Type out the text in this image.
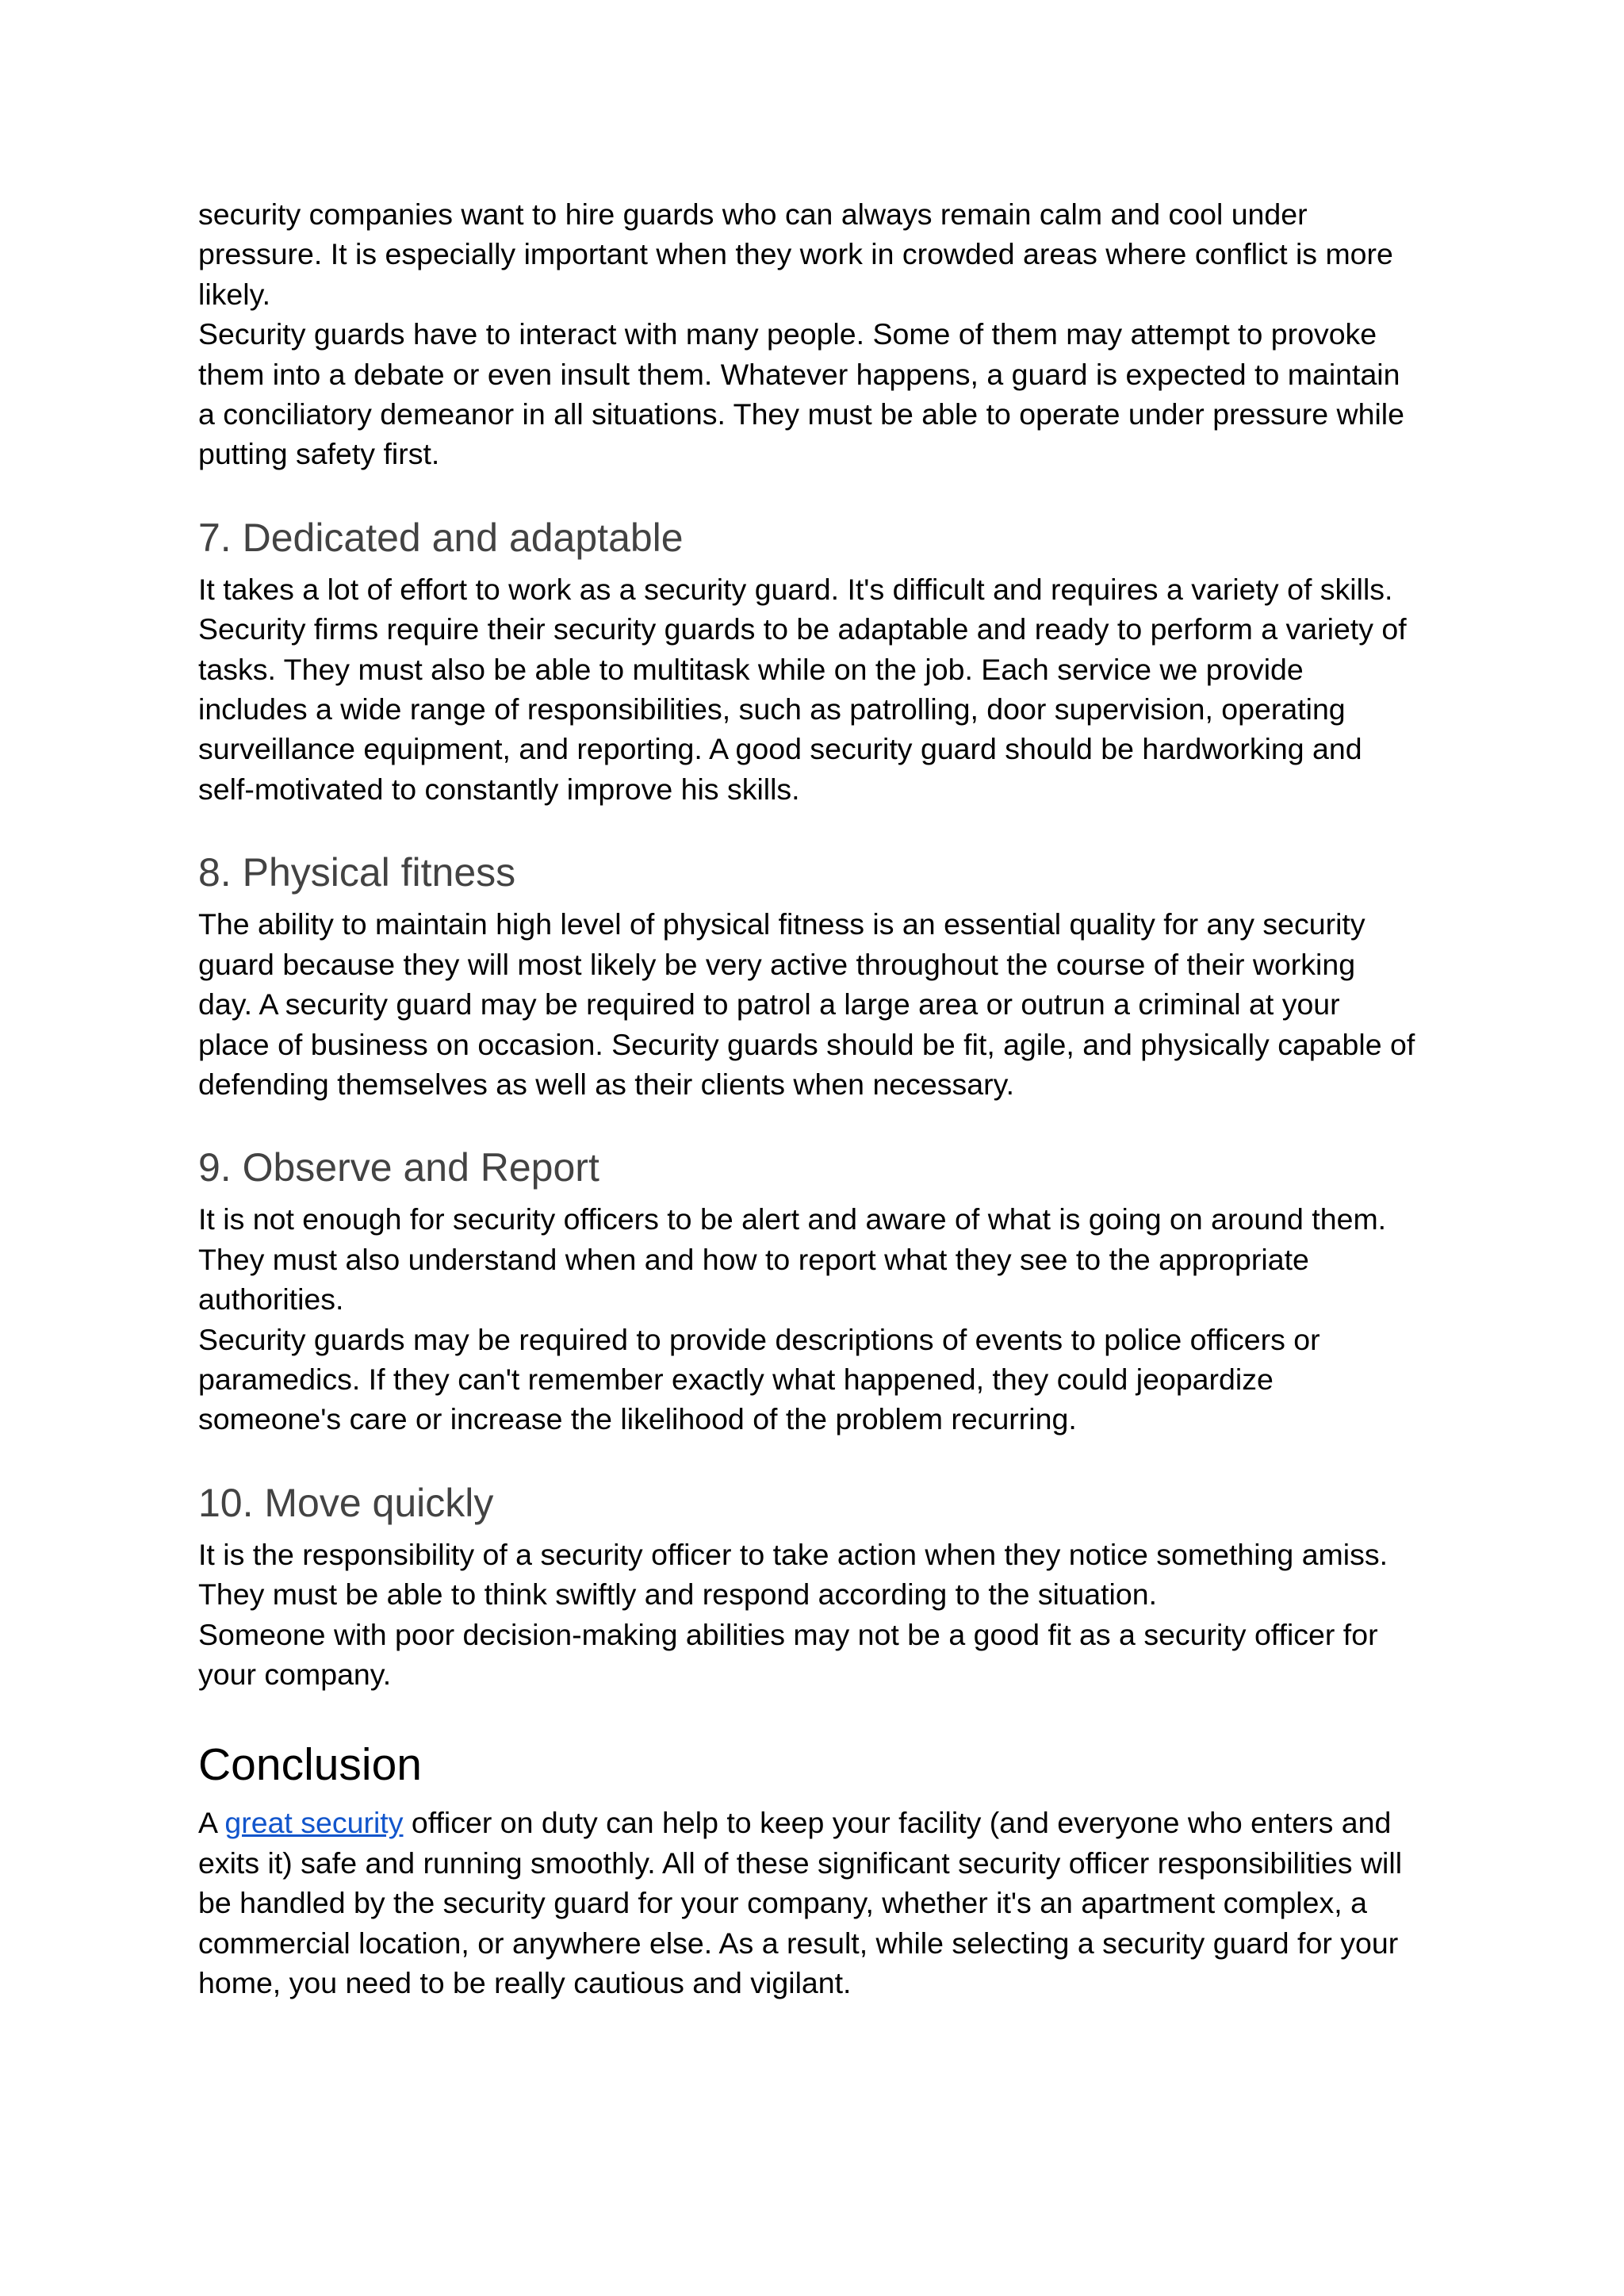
security companies want to hire guards who can always remain calm and cool under
pressure. It is especially important when they work in crowded areas where conflict is more
likely.
Security guards have to interact with many people. Some of them may attempt to provoke
them into a debate or even insult them. Whatever happens, a guard is expected to maintain
a conciliatory demeanor in all situations. They must be able to operate under pressure while
putting safety first.

7. Dedicated and adaptable

It takes a lot of effort to work as a security guard. It's difficult and requires a variety of skills.
Security firms require their security guards to be adaptable and ready to perform a variety of
tasks. They must also be able to multitask while on the job. Each service we provide
includes a wide range of responsibilities, such as patrolling, door supervision, operating
surveillance equipment, and reporting. A good security guard should be hardworking and
self-motivated to constantly improve his skills.

8. Physical fitness

The ability to maintain high level of physical fitness is an essential quality for any security
guard because they will most likely be very active throughout the course of their working
day. A security guard may be required to patrol a large area or outrun a criminal at your
place of business on occasion. Security guards should be fit, agile, and physically capable of
defending themselves as well as their clients when necessary.

9. Observe and Report

It is not enough for security officers to be alert and aware of what is going on around them.
They must also understand when and how to report what they see to the appropriate
authorities.
Security guards may be required to provide descriptions of events to police officers or
paramedics. If they can't remember exactly what happened, they could jeopardize
someone's care or increase the likelihood of the problem recurring.

10. Move quickly

It is the responsibility of a security officer to take action when they notice something amiss.
They must be able to think swiftly and respond according to the situation.
Someone with poor decision-making abilities may not be a good fit as a security officer for
your company.

Conclusion

A great security officer on duty can help to keep your facility (and everyone who enters and
exits it) safe and running smoothly. All of these significant security officer responsibilities will
be handled by the security guard for your company, whether it's an apartment complex, a
commercial location, or anywhere else. As a result, while selecting a security guard for your
home, you need to be really cautious and vigilant.
